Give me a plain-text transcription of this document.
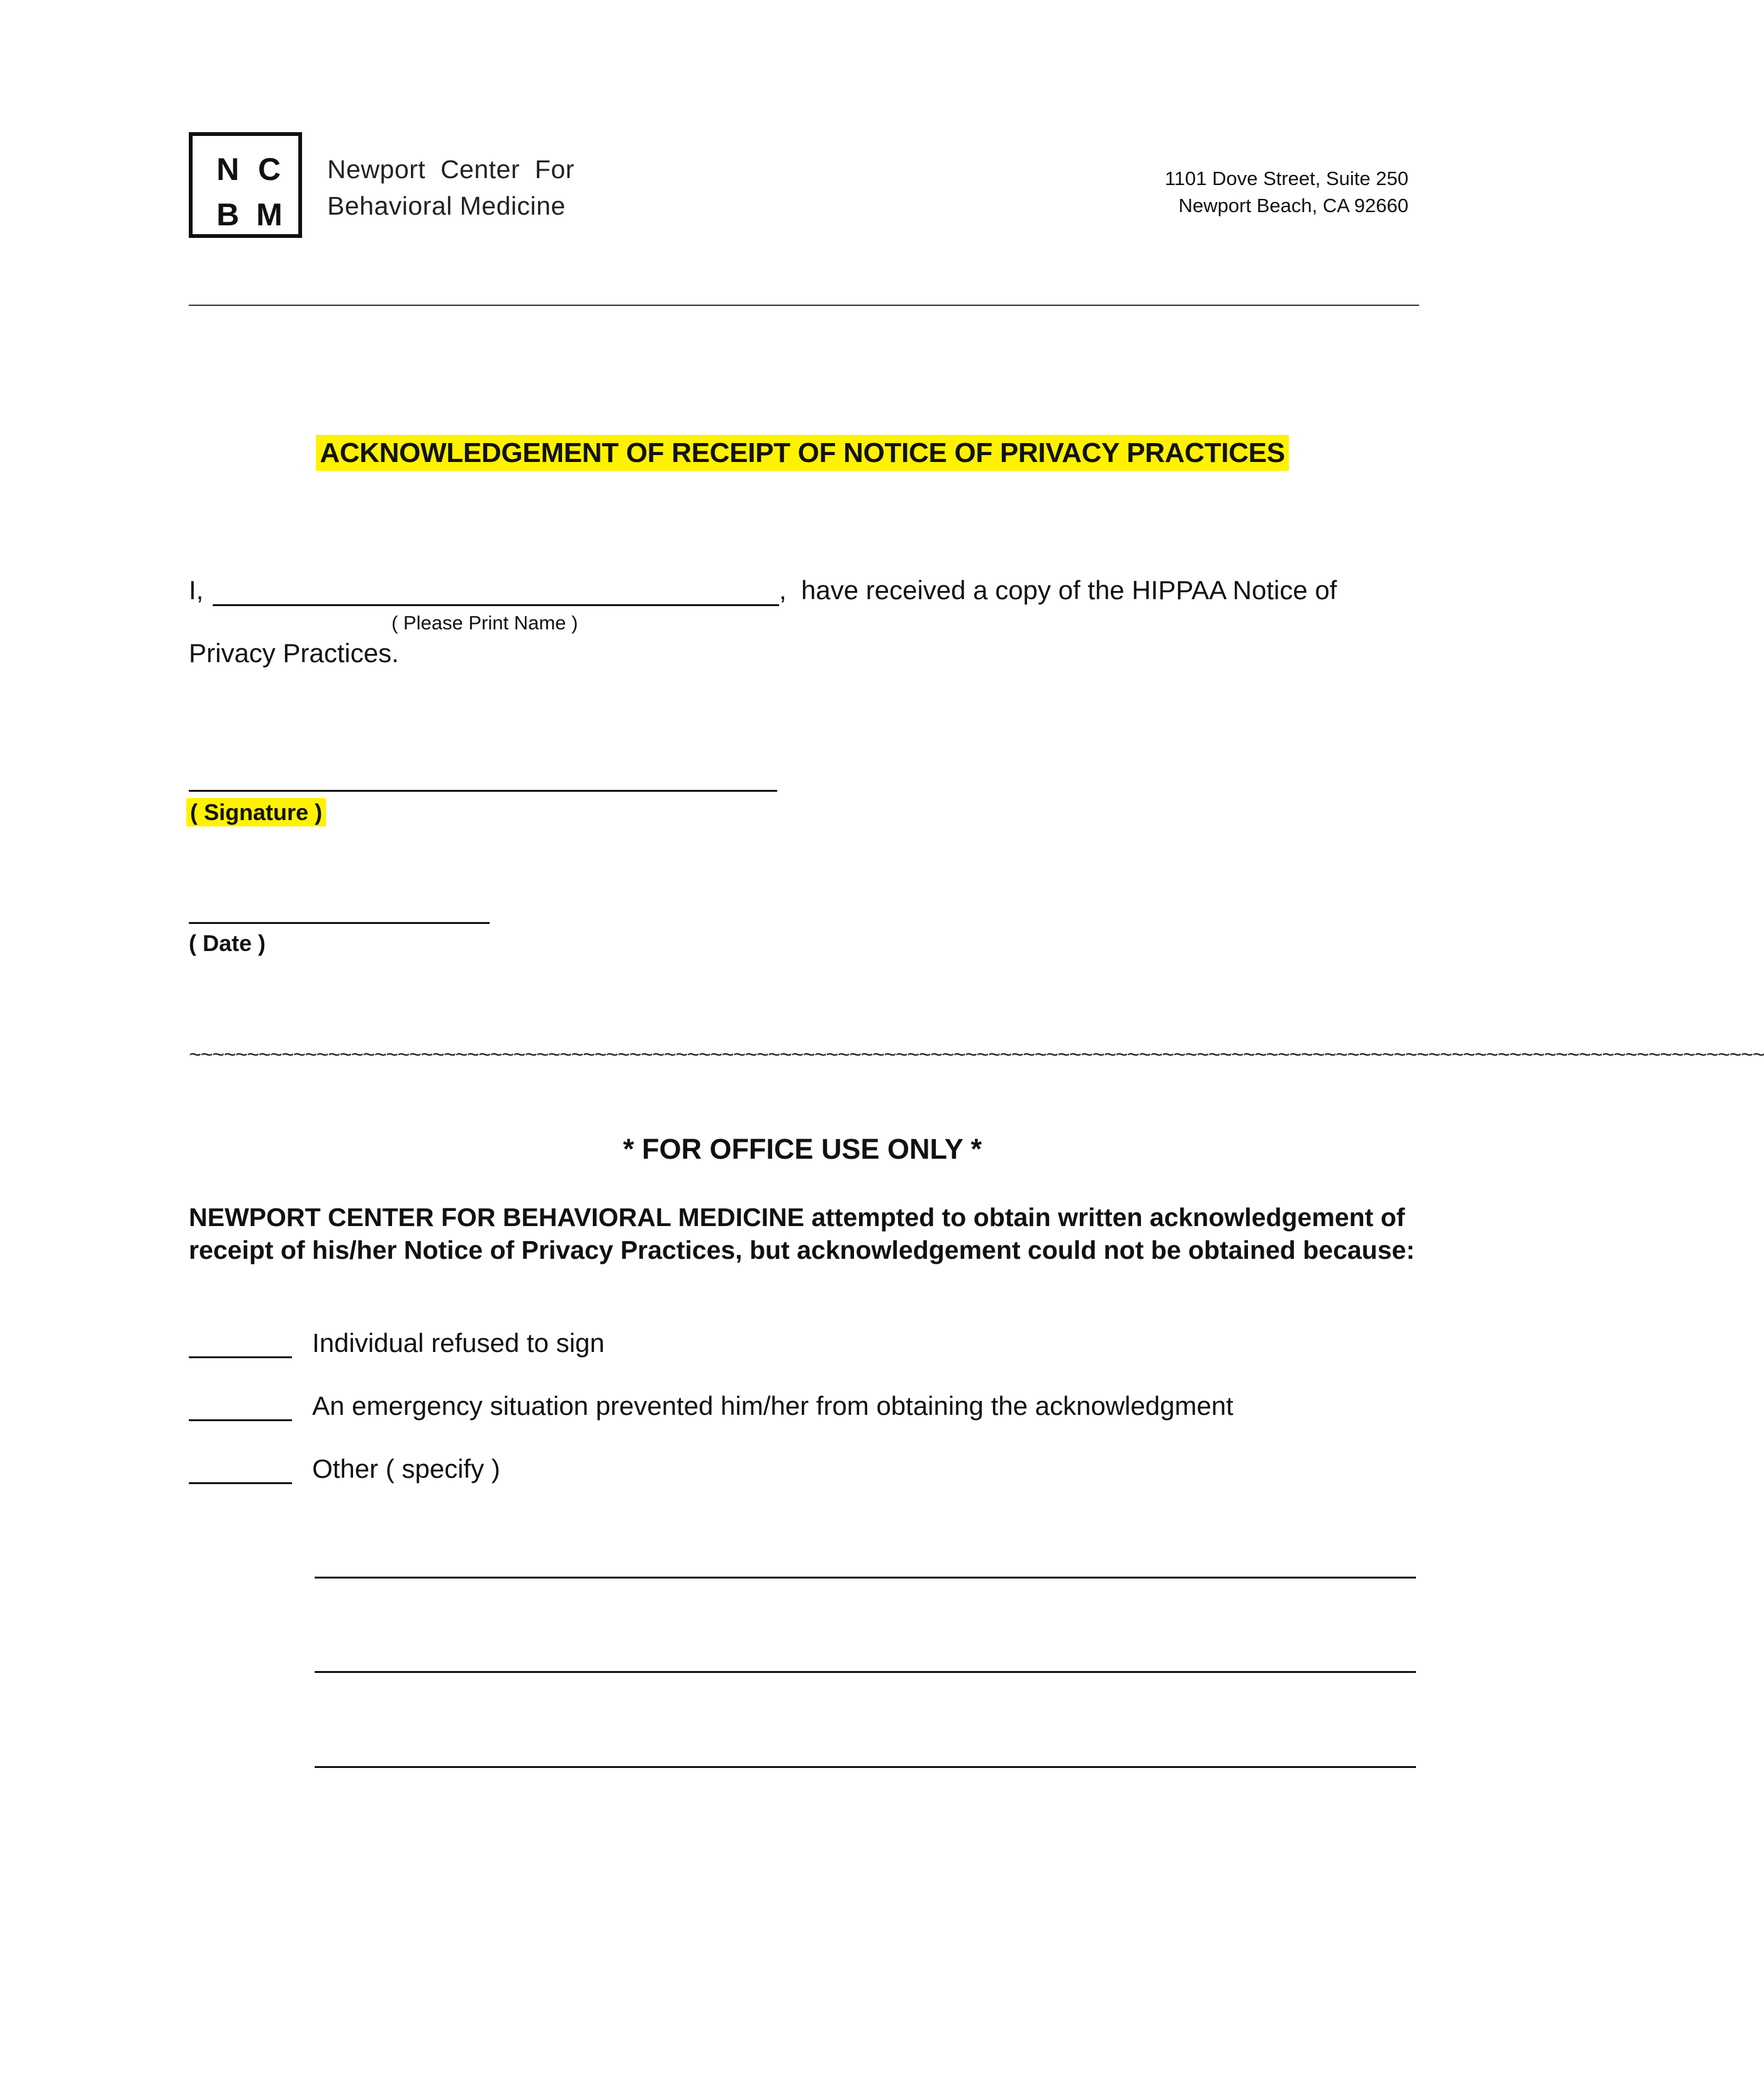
N C
B M
Newport  Center  For
Behavioral Medicine
1101 Dove Street, Suite 250
Newport Beach, CA 92660
ACKNOWLEDGEMENT OF RECEIPT OF NOTICE OF PRIVACY PRACTICES
I,	,  have received a copy of the HIPPAA Notice of
( Please Print Name )
Privacy Practices.
( Signature )
( Date )
~~~~~~~~~~~~~~~~~~~~~~~~~~~~~~~~~~~~~~~~~~~~~~~~~~~~~~~~~~~~~~~~~~~~~~~~~~~~~~~~~~~~~~~~~~~~~~~~~~~~~~~~~~~~~~~~~~~~~~~~~~~~~~~~~~~~~~~~
* FOR OFFICE USE ONLY *
NEWPORT CENTER FOR BEHAVIORAL MEDICINE attempted to obtain written acknowledgement of
receipt of his/her Notice of Privacy Practices, but acknowledgement could not be obtained because:
Individual refused to sign
An emergency situation prevented him/her from obtaining the acknowledgment
Other ( specify )
